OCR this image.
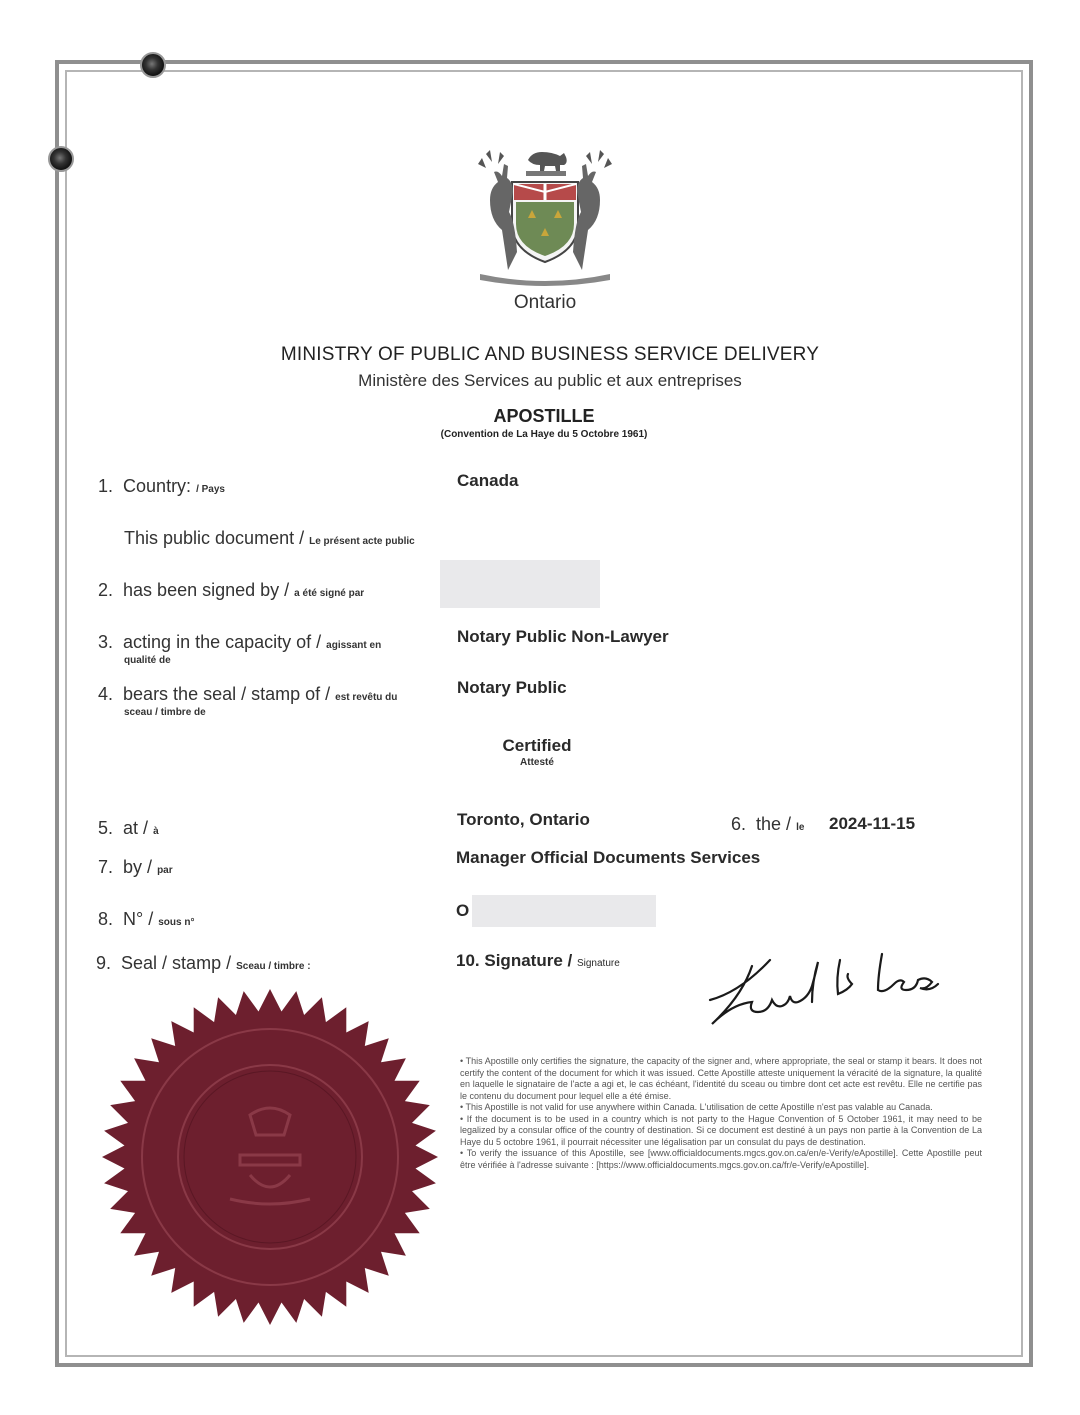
Ontario
MINISTRY OF PUBLIC AND BUSINESS SERVICE DELIVERY
Ministère des Services au public et aux entreprises
APOSTILLE
(Convention de La Haye du 5 Octobre 1961)
1. Country: / Pays	Canada
This public document / Le présent acte public
2. has been signed by / a été signé par
3. acting in the capacity of / agissant en
qualité de
Notary Public Non-Lawyer
4. bears the seal / stamp of / est revêtu du
sceau / timbre de
Notary Public
Certified
Attesté
5. at / à
Toronto, Ontario	6. the / le 2024-11-15
7. by / par
Manager Official Documents Services
8. N° / sous n°
O
9. Seal / stamp / Sceau / timbre :	10. Signature / Signature

• This Apostille only certifies the signature, the capacity of the signer and, where appropriate, the seal or stamp it bears. It does not certify the content of the document for which it was issued. Cette Apostille atteste uniquement la véracité de la signature, la qualité en laquelle le signataire de l'acte a agi et, le cas échéant, l'identité du sceau ou timbre dont cet acte est revêtu. Elle ne certifie pas le contenu du document pour lequel elle a été émise.

• This Apostille is not valid for use anywhere within Canada. L'utilisation de cette Apostille n'est pas valable au Canada.

• If the document is to be used in a country which is not party to the Hague Convention of 5 October 1961, it may need to be legalized by a consular office of the country of destination. Si ce document est destiné à un pays non partie à la Convention de La Haye du 5 octobre 1961, il pourrait nécessiter une légalisation par un consulat du pays de destination.

• To verify the issuance of this Apostille, see [www.officialdocuments.mgcs.gov.on.ca/en/e-Verify/eApostille]. Cette Apostille peut être vérifiée à l'adresse suivante : [https://www.officialdocuments.mgcs.gov.on.ca/fr/e-Verify/eApostille].
